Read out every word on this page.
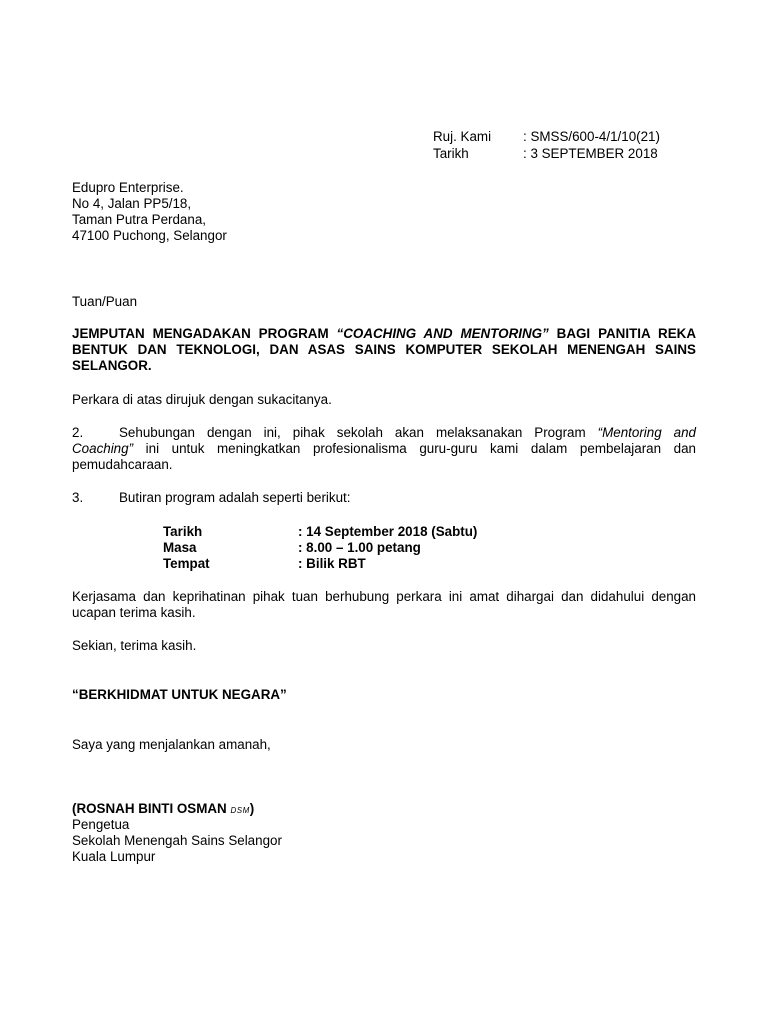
Ruj. Kami : SMSS/600-4/1/10(21)
Tarikh	: 3 SEPTEMBER 2018
Edupro Enterprise.
No 4, Jalan PP5/18,
Taman Putra Perdana,
47100 Puchong, Selangor
Tuan/Puan
JEMPUTAN MENGADAKAN PROGRAM “COACHING AND MENTORING” BAGI PANITIA REKA BENTUK DAN TEKNOLOGI, DAN ASAS SAINS KOMPUTER SEKOLAH MENENGAH SAINS SELANGOR.
Perkara di atas dirujuk dengan sukacitanya.
2.	Sehubungan dengan ini, pihak sekolah akan melaksanakan Program “Mentoring and
Coaching” ini untuk meningkatkan profesionalisma guru-guru kami dalam pembelajaran dan
pemudahcaraan.
3.	Butiran program adalah seperti berikut:
Tarikh	: 14 September 2018 (Sabtu)
Masa	: 8.00 – 1.00 petang
Tempat	: Bilik RBT
Kerjasama dan keprihatinan pihak tuan berhubung perkara ini amat dihargai dan didahului dengan ucapan terima kasih.
Sekian, terima kasih.
“BERKHIDMAT UNTUK NEGARA”
Saya yang menjalankan amanah,
(ROSNAH BINTI OSMAN DSM)
Pengetua
Sekolah Menengah Sains Selangor
Kuala Lumpur
